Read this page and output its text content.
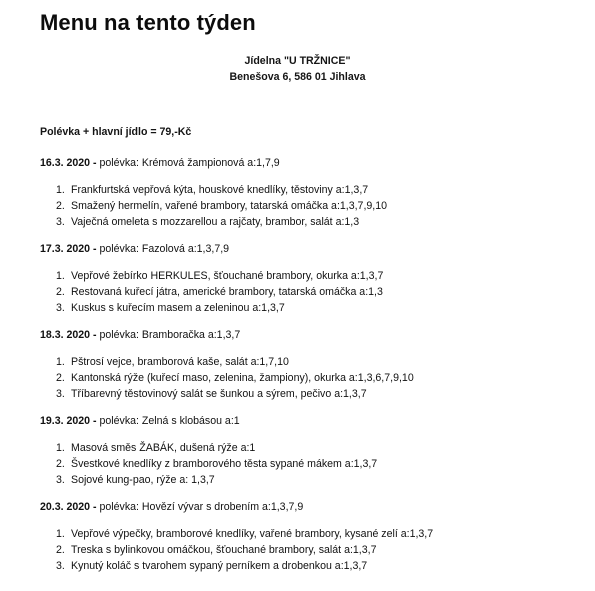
Menu na tento týden
Jídelna "U TRŽNICE"
Benešova 6, 586 01 Jihlava
Polévka + hlavní jídlo = 79,-Kč
16.3. 2020 - polévka: Krémová žampionová a:1,7,9
1. Frankfurtská vepřová kýta, houskové knedlíky, těstoviny a:1,3,7
2. Smažený hermelín, vařené brambory, tatarská omáčka a:1,3,7,9,10
3. Vaječná omeleta s mozzarellou a rajčaty, brambor, salát a:1,3
17.3. 2020 - polévka: Fazolová a:1,3,7,9
1. Vepřové žebírko HERKULES, šťouchané brambory, okurka a:1,3,7
2. Restovaná kuřecí játra, americké brambory, tatarská omáčka a:1,3
3. Kuskus s kuřecím masem a zeleninou a:1,3,7
18.3. 2020 - polévka: Bramboračka a:1,3,7
1. Pštrosí vejce, bramborová kaše, salát a:1,7,10
2. Kantonská rýže (kuřecí maso, zelenina, žampiony), okurka a:1,3,6,7,9,10
3. Tříbarevný těstovinový salát se šunkou a sýrem, pečivo a:1,3,7
19.3. 2020 - polévka: Zelná s klobásou a:1
1. Masová směs ŽABÁK, dušená rýže a:1
2. Švestkové knedlíky z bramborového těsta sypané mákem a:1,3,7
3. Sojové kung-pao, rýže a: 1,3,7
20.3. 2020 - polévka: Hovězí vývar s drobením a:1,3,7,9
1. Vepřové výpečky, bramborové knedlíky, vařené brambory, kysané zelí a:1,3,7
2. Treska s bylinkovou omáčkou, šťouchané brambory, salát a:1,3,7
3. Kynutý koláč s tvarohem sypaný perníkem a drobenkou a:1,3,7
